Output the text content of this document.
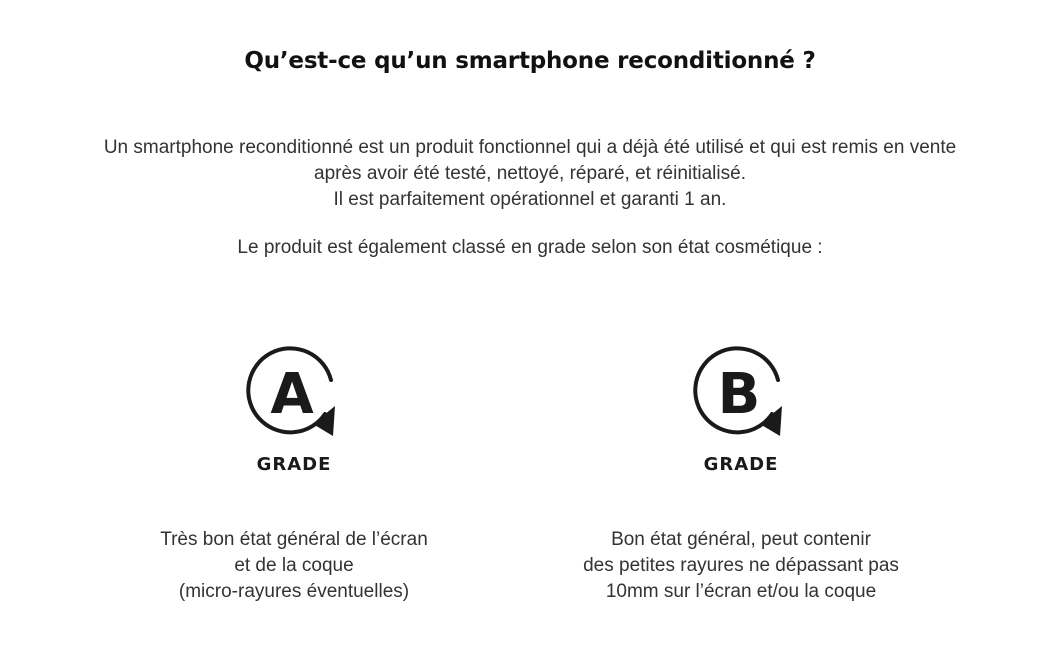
Qu’est-ce qu’un smartphone reconditionné ?
Un smartphone reconditionné est un produit fonctionnel qui a déjà été utilisé et qui est remis en vente
après avoir été testé, nettoyé, réparé, et réinitialisé.
Il est parfaitement opérationnel et garanti 1 an.
Le produit est également classé en grade selon son état cosmétique :
A
GRADE
Très bon état général de l’écran
et de la coque
(micro-rayures éventuelles)
B
GRADE
Bon état général, peut contenir
des petites rayures ne dépassant pas
10mm sur l’écran et/ou la coque
